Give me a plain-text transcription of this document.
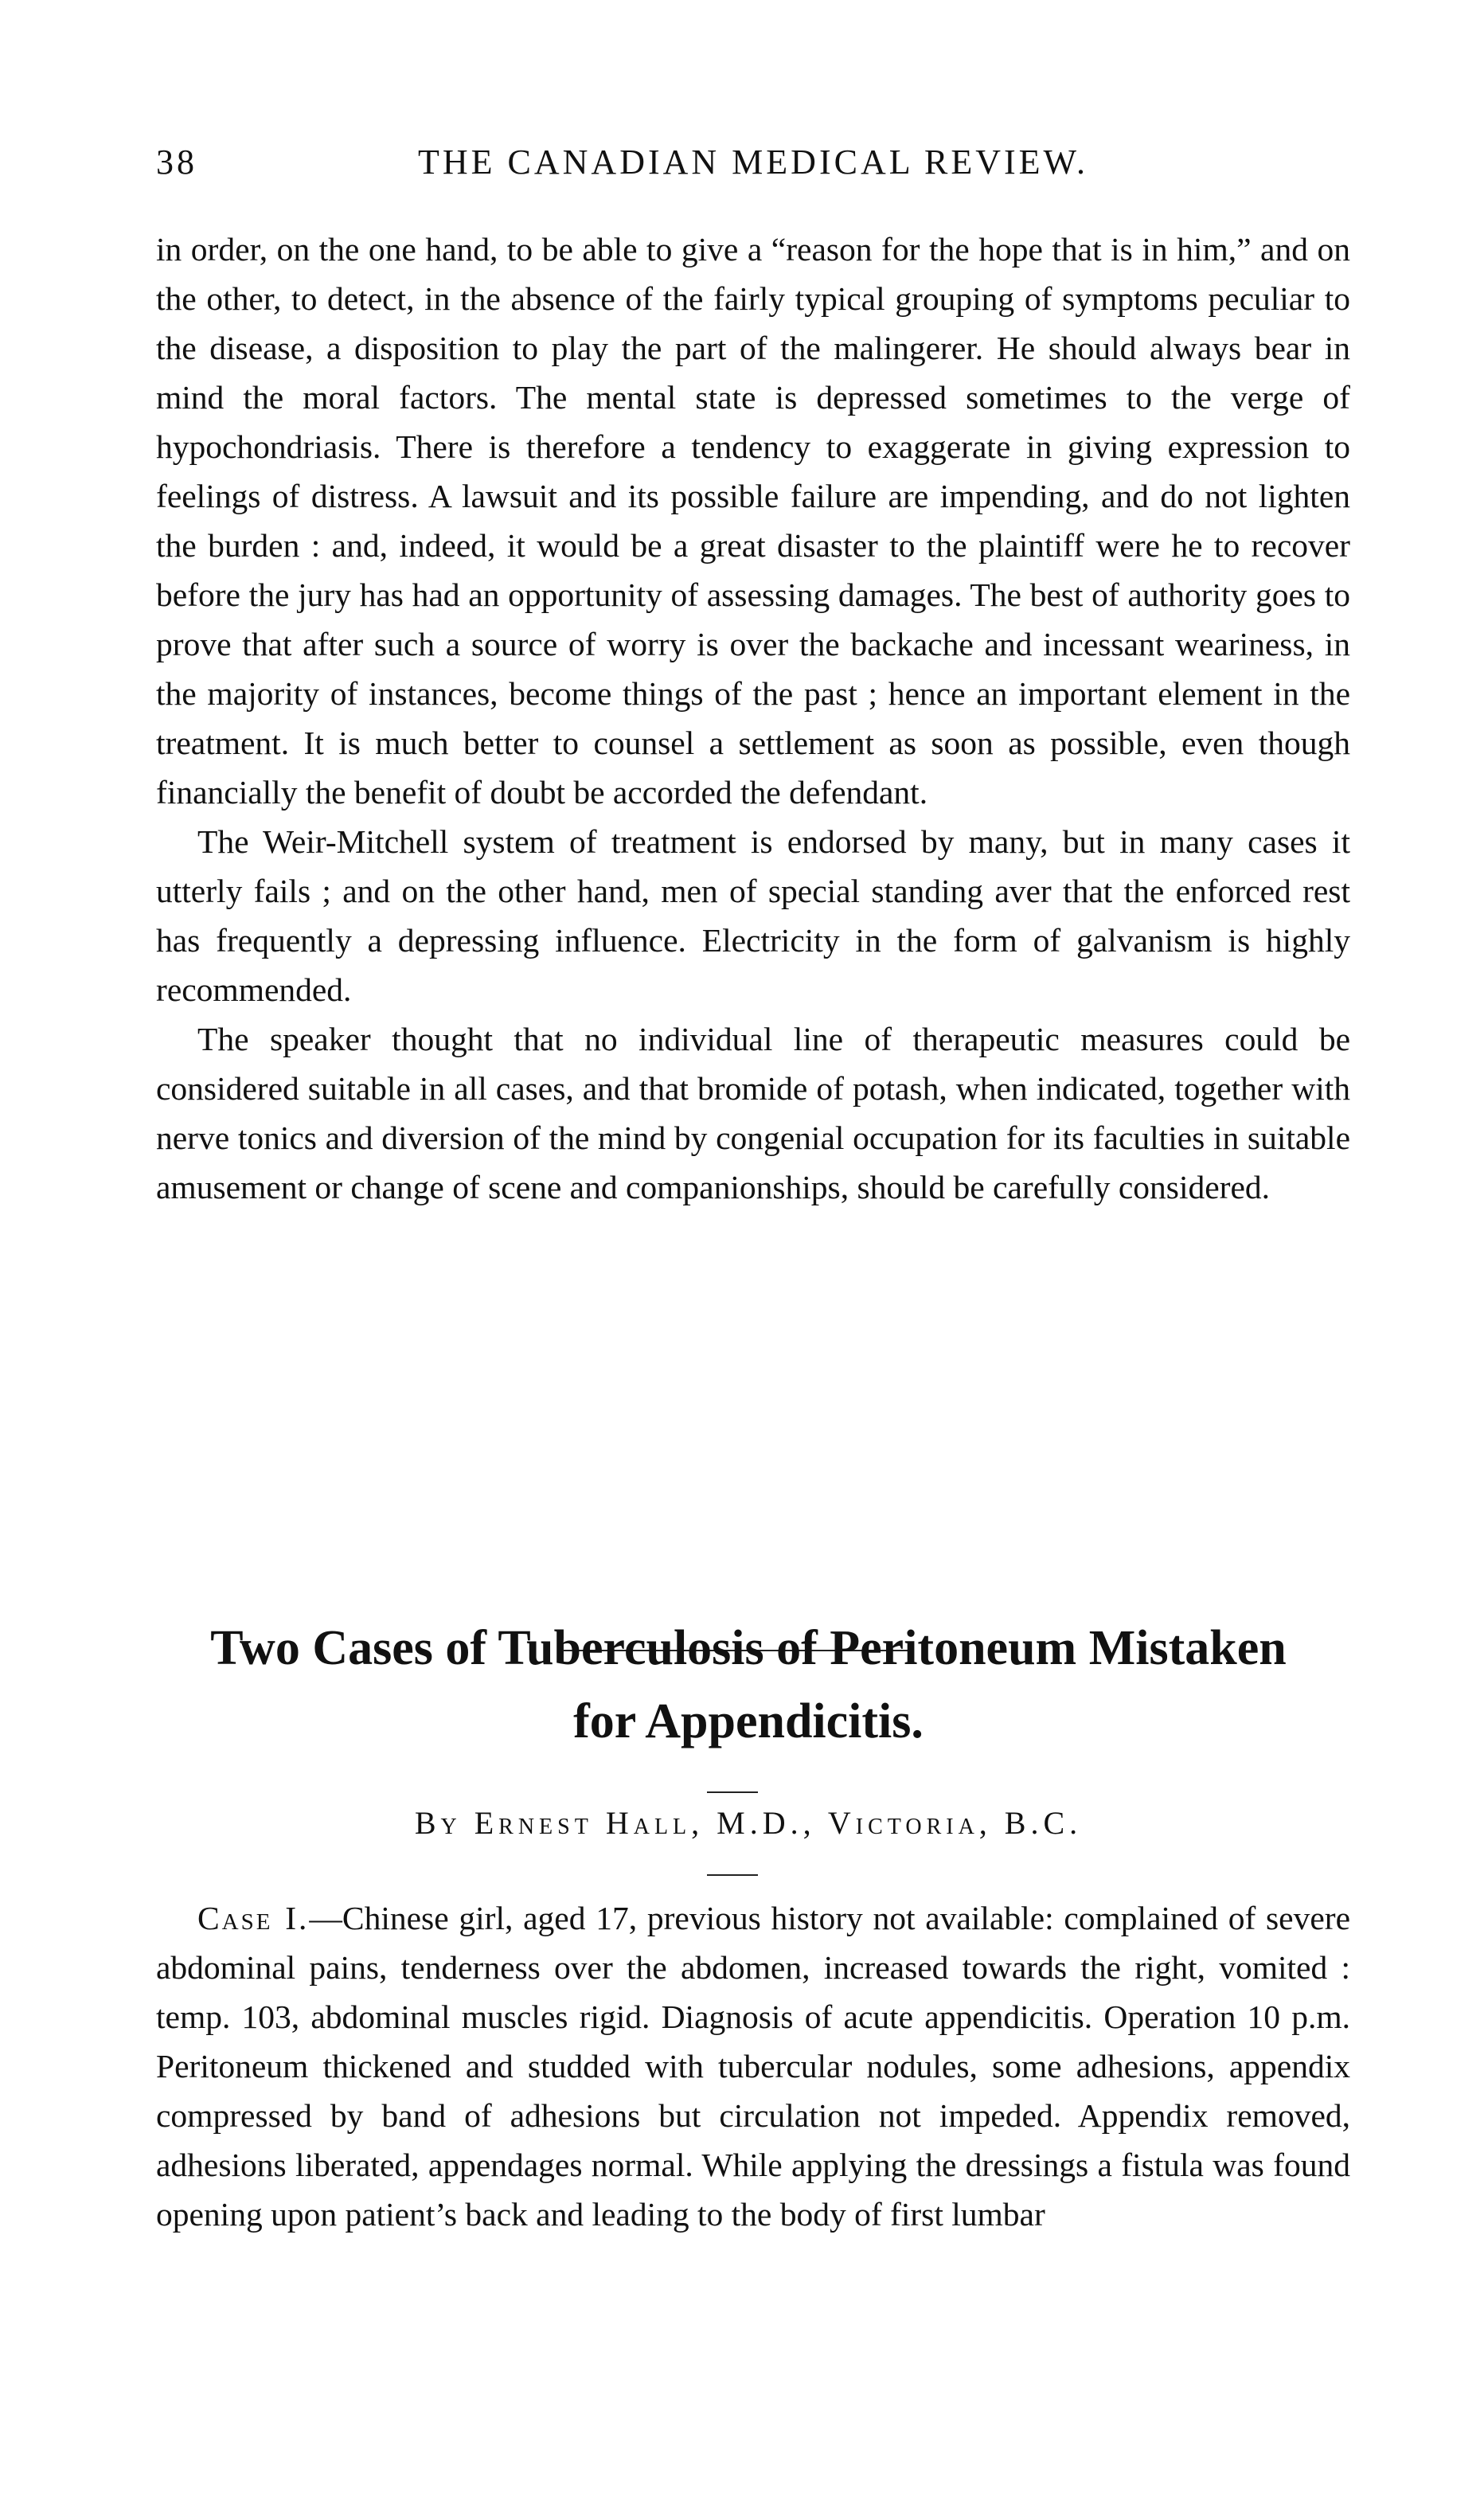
38	THE CANADIAN MEDICAL REVIEW.

in order, on the one hand, to be able to give a “reason for the hope that is in him,” and on the other, to detect, in the absence of the fairly typical grouping of symptoms peculiar to the disease, a disposition to play the part of the malingerer. He should always bear in mind the moral factors. The mental state is depressed sometimes to the verge of hypochondriasis. There is therefore a tendency to exaggerate in giving expression to feelings of distress. A lawsuit and its possible failure are impending, and do not lighten the burden : and, indeed, it would be a great disaster to the plaintiff were he to recover before the jury has had an opportunity of assessing damages. The best of authority goes to prove that after such a source of worry is over the backache and incessant weariness, in the majority of instances, become things of the past ; hence an important element in the treatment. It is much better to counsel a settlement as soon as possible, even though financially the benefit of doubt be accorded the defendant.

The Weir-Mitchell system of treatment is endorsed by many, but in many cases it utterly fails ; and on the other hand, men of special standing aver that the enforced rest has frequently a depressing influence. Electricity in the form of galvanism is highly recommended.

The speaker thought that no individual line of therapeutic measures could be considered suitable in all cases, and that bromide of potash, when indicated, together with nerve tonics and diversion of the mind by congenial occupation for its faculties in suitable amusement or change of scene and companionships, should be carefully considered.

Two Cases of Tuberculosis of Peritoneum Mistaken
for Appendicitis.
By Ernest Hall, M.D., Victoria, B.C.

Case I.—Chinese girl, aged 17, previous history not available: complained of severe abdominal pains, tenderness over the abdomen, increased towards the right, vomited : temp. 103, abdominal muscles rigid. Diagnosis of acute appendicitis. Operation 10 p.m. Peritoneum thickened and studded with tubercular nodules, some adhesions, appendix compressed by band of adhesions but circulation not impeded. Appendix removed, adhesions liberated, appendages normal. While applying the dressings a fistula was found opening upon patient’s back and leading to the body of first lumbar
